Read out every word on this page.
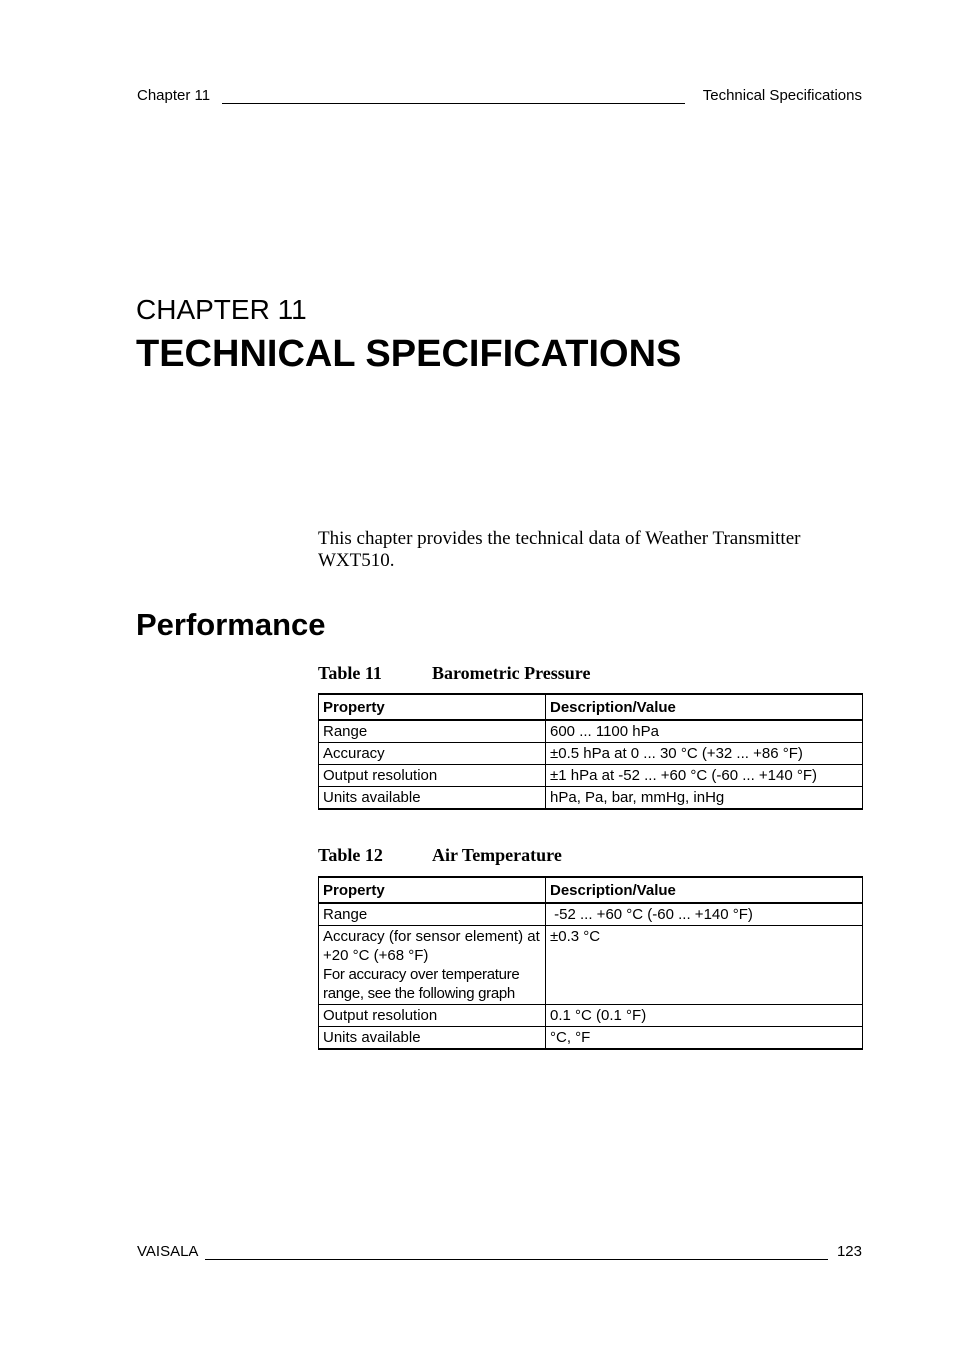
Chapter 11	Technical Specifications
CHAPTER 11
TECHNICAL SPECIFICATIONS
This chapter provides the technical data of Weather Transmitter WXT510.
Performance
Table 11	Barometric Pressure
Property	Description/Value
Range	600 ... 1100 hPa
Accuracy	±0.5 hPa at 0 ... 30 °C (+32 ... +86 °F)
Output resolution	±1 hPa at -52 ... +60 °C (-60 ... +140 °F)
Units available	hPa, Pa, bar, mmHg, inHg
Table 12	Air Temperature
Property	Description/Value
Range	-52 ... +60 °C (-60 ... +140 °F)

Accuracy (for sensor element) at +20 °C (+68 °F)
For accuracy over temperature range, see the following graph	±0.3 °C
Output resolution	0.1 °C (0.1 °F)
Units available	°C, °F
VAISALA	123
